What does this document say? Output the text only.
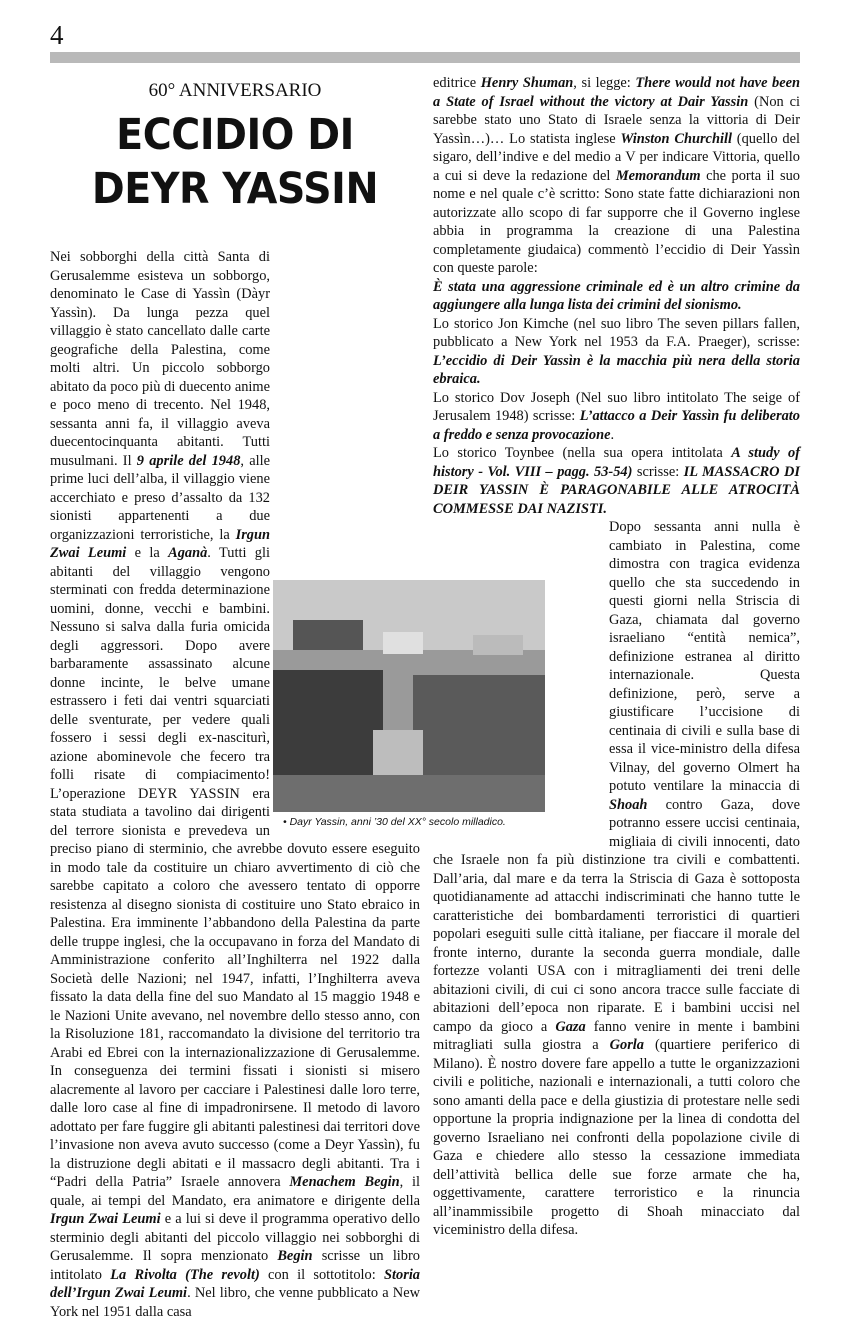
4
60° ANNIVERSARIO
ECCIDIO DI
DEYR YASSIN

Nei sobborghi della città Santa di Gerusalemme esisteva un sobborgo, denominato le Case di Yassìn (Dàyr Yassìn). Da lunga pezza quel villaggio è stato cancellato dalle carte geografiche della Palestina, come molti altri. Un piccolo sobborgo abitato da poco più di duecento anime e poco meno di trecento. Nel 1948, sessanta anni fa, il villaggio aveva duecentocinquanta abitanti. Tutti musulmani. Il 9 aprile del 1948, alle prime luci dell’alba, il villaggio viene accerchiato e preso d’assalto da 132 sionisti appartenenti a due organizzazioni terroristiche, la Irgun Zwai Leumi e la Aganà. Tutti gli abitanti del villaggio vengono sterminati con fredda determinazione uomini, donne, vecchi e bambini. Nessuno si salva dalla furia omicida degli aggressori. Dopo avere barbaramente assassinato alcune donne incinte, le belve umane estrassero i feti dai ventri squarciati delle sventurate, per vedere quali fossero i sessi degli ex-nasciturì, azione abominevole che fecero tra folli risate di compiacimento! L’operazione DEYR YASSIN era stata studiata a tavolino dai dirigenti del terrore sionista e prevedeva un preciso piano di sterminio, che avrebbe dovuto essere eseguito in modo tale da costituire un chiaro avvertimento di ciò che sarebbe capitato a coloro che avessero tentato di opporre resistenza al disegno sionista di costituire uno Stato ebraico in Palestina. Era imminente l’abbandono della Palestina da parte delle truppe inglesi, che la occupavano in forza del Mandato di Amministrazione conferito all’Inghilterra nel 1922 dalla Società delle Nazioni; nel 1947, infatti, l’Inghilterra aveva fissato la data della fine del suo Mandato al 15 maggio 1948 e le Nazioni Unite avevano, nel novembre dello stesso anno, con la Risoluzione 181, raccomandato la divisione del territorio tra Arabi ed Ebrei con la internazionalizzazione di Gerusalemme. In conseguenza dei termini fissati i sionisti si misero alacremente al lavoro per cacciare i Palestinesi dalle loro terre, dalle loro case al fine di impadronirsene. Il metodo di lavoro adottato per fare fuggire gli abitanti palestinesi dai territori dove l’invasione non aveva avuto successo (come a Deyr Yassìn), fu la distruzione degli abitati e il massacro degli abitanti. Tra i “Padri della Patria” Israele annovera Menachem Begin, il quale, ai tempi del Mandato, era animatore e dirigente della Irgun Zwai Leumi e a lui si deve il programma operativo dello sterminio degli abitanti del piccolo villaggio nei sobborghi di Gerusalemme. Il sopra menzionato Begin scrisse un libro intitolato La Rivolta (The revolt) con il sottotitolo: Storia dell’Irgun Zwai Leumi. Nel libro, che venne pubblicato a New York nel 1951 dalla casa

editrice Henry Shuman, si legge: There would not have been a State of Israel without the victory at Dair Yassin (Non ci sarebbe stato uno Stato di Israele senza la vittoria di Deir Yassìn…)… Lo statista inglese Winston Churchill (quello del sigaro, dell’indive e del medio a V per indicare Vittoria, quello a cui si deve la redazione del Memorandum che porta il suo nome e nel quale c’è scritto: Sono state fatte dichiarazioni non autorizzate allo scopo di far supporre che il Governo inglese abbia in programma la creazione di una Palestina completamente giudaica) commentò l’eccidio di Deir Yassìn con queste parole:

È stata una aggressione criminale ed è un altro crimine da aggiungere alla lunga lista dei crimini del sionismo.

Lo storico Jon Kimche (nel suo libro The seven pillars fallen, pubblicato a New York nel 1953 da F.A. Praeger), scrisse: L’eccidio di Deir Yassìn è la macchia più nera della storia ebraica.

Lo storico Dov Joseph (Nel suo libro intitolato The seige of Jerusalem 1948) scrisse: L’attacco a Deir Yassìn fu deliberato a freddo e senza provocazione.

Lo storico Toynbee (nella sua opera intitolata A study of history - Vol. VIII – pagg. 53-54) scrisse: IL MASSACRO DI DEIR YASSIN È PARAGONABILE ALLE ATROCITÀ COMMESSE DAI NAZISTI.

Dopo sessanta anni nulla è cambiato in Palestina, come dimostra con tragica evidenza quello che sta succedendo in questi giorni nella Striscia di Gaza, chiamata dal governo israeliano “entità nemica”, definizione estranea al diritto internazionale. Questa definizione, però, serve a giustificare l’uccisione di centinaia di civili e sulla base di essa il vice-ministro della difesa Vilnay, del governo Olmert ha potuto ventilare la minaccia di Shoah contro Gaza, dove potranno essere uccisi centinaia, migliaia di civili innocenti, dato che Israele non fa più distinzione tra civili e combattenti. Dall’aria, dal mare e da terra la Striscia di Gaza è sottoposta quotidianamente ad attacchi indiscriminati che hanno tutte le caratteristiche dei bombardamenti terroristici di quartieri popolari eseguiti sulle città italiane, per fiaccare il morale del fronte interno, durante la seconda guerra mondiale, dalle fortezze volanti USA con i mitragliamenti dei treni delle abitazioni civili, di cui ci sono ancora tracce sulle facciate di abitazioni dell’epoca non riparate. E i bambini uccisi nel campo da gioco a Gaza fanno venire in mente i bambini mitragliati sulla giostra a Gorla (quartiere periferico di Milano). È nostro dovere fare appello a tutte le organizzazioni civili e politiche, nazionali e internazionali, a tutti coloro che sono amanti della pace e della giustizia di protestare nelle sedi opportune la propria indignazione per la linea di condotta del governo Israeliano nei confronti della popolazione civile di Gaza e chiedere allo stesso la cessazione immediata dell’attività bellica delle sue forze armate che ha, oggettivamente, carattere terroristico e la rinuncia all’inammissibile progetto di Shoah minacciato dal viceministro della difesa.

• Dayr Yassin, anni ’30 del XX° secolo milladico.
